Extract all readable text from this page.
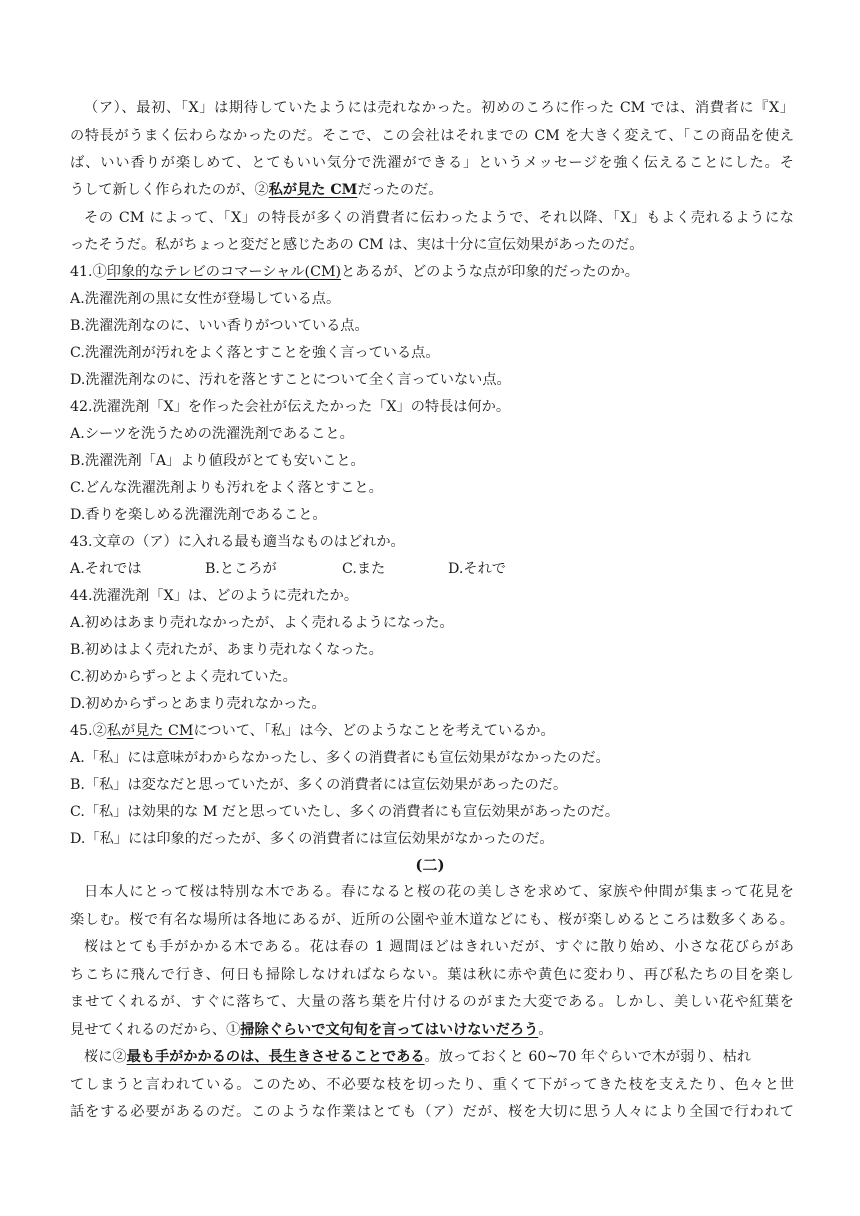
（ア）、最初、「X」は期待していたようには売れなかった。初めのころに作った CM では、消費者に『X」
の特長がうまく伝わらなかったのだ。そこで、この会社はそれまでの CM を大きく変えて、「この商品を使え
ば、いい香りが楽しめて、とてもいい気分で洗濯ができる」というメッセージを強く伝えることにした。そ
うして新しく作られたのが、②私が見た CMだったのだ。
その CM によって、「X」の特長が多くの消費者に伝わったようで、それ以降、「X」もよく売れるようにな
ったそうだ。私がちょっと変だと感じたあの CM は、実は十分に宣伝効果があったのだ。
41.①印象的なテレビのコマーシャル(CM)とあるが、どのような点が印象的だったのか。
A.洗濯洗剤の黒に女性が登場している点。
B.洗濯洗剤なのに、いい香りがついている点。
C.洗濯洗剤が汚れをよく落とすことを強く言っている点。
D.洗濯洗剤なのに、汚れを落とすことについて全く言っていない点。
42.洗濯洗剤「X」を作った会社が伝えたかった「X」の特長は何か。
A.シーツを洗うための洗濯洗剤であること。
B.洗濯洗剤「A」より値段がとても安いこと。
C.どんな洗濯洗剤よりも汚れをよく落とすこと。
D.香りを楽しめる洗濯洗剤であること。
43.文章の（ア）に入れる最も適当なものはどれか。
A.それでは	B.ところが	C.また	D.それで
44.洗濯洗剤「X」は、どのように売れたか。
A.初めはあまり売れなかったが、よく売れるようになった。
B.初めはよく売れたが、あまり売れなくなった。
C.初めからずっとよく売れていた。
D.初めからずっとあまり売れなかった。
45.②私が見た CMについて、「私」は今、どのようなことを考えているか。
A.「私」には意味がわからなかったし、多くの消費者にも宣伝効果がなかったのだ。
B.「私」は変なだと思っていたが、多くの消費者には宣伝効果があったのだ。
C.「私」は効果的な M だと思っていたし、多くの消費者にも宣伝効果があったのだ。
D.「私」には印象的だったが、多くの消費者には宣伝効果がなかったのだ。
(二)
日本人にとって桜は特別な木である。春になると桜の花の美しさを求めて、家族や仲間が集まって花見を
楽しむ。桜で有名な場所は各地にあるが、近所の公園や並木道などにも、桜が楽しめるところは数多くある。
桜はとても手がかかる木である。花は春の 1 週間ほどはきれいだが、すぐに散り始め、小さな花びらがあ
ちこちに飛んで行き、何日も掃除しなければならない。葉は秋に赤や黄色に変わり、再び私たちの目を楽し
ませてくれるが、すぐに落ちて、大量の落ち葉を片付けるのがまた大変である。しかし、美しい花や紅葉を
見せてくれるのだから、①掃除ぐらいで文句旬を言ってはいけないだろう。
桜に②最も手がかかるのは、長生きさせることである。放っておくと 60~70 年ぐらいで木が弱り、枯れ
てしまうと言われている。このため、不必要な枝を切ったり、重くて下がってきた枝を支えたり、色々と世
話をする必要があるのだ。このような作業はとても（ア）だが、桜を大切に思う人々により全国で行われて
